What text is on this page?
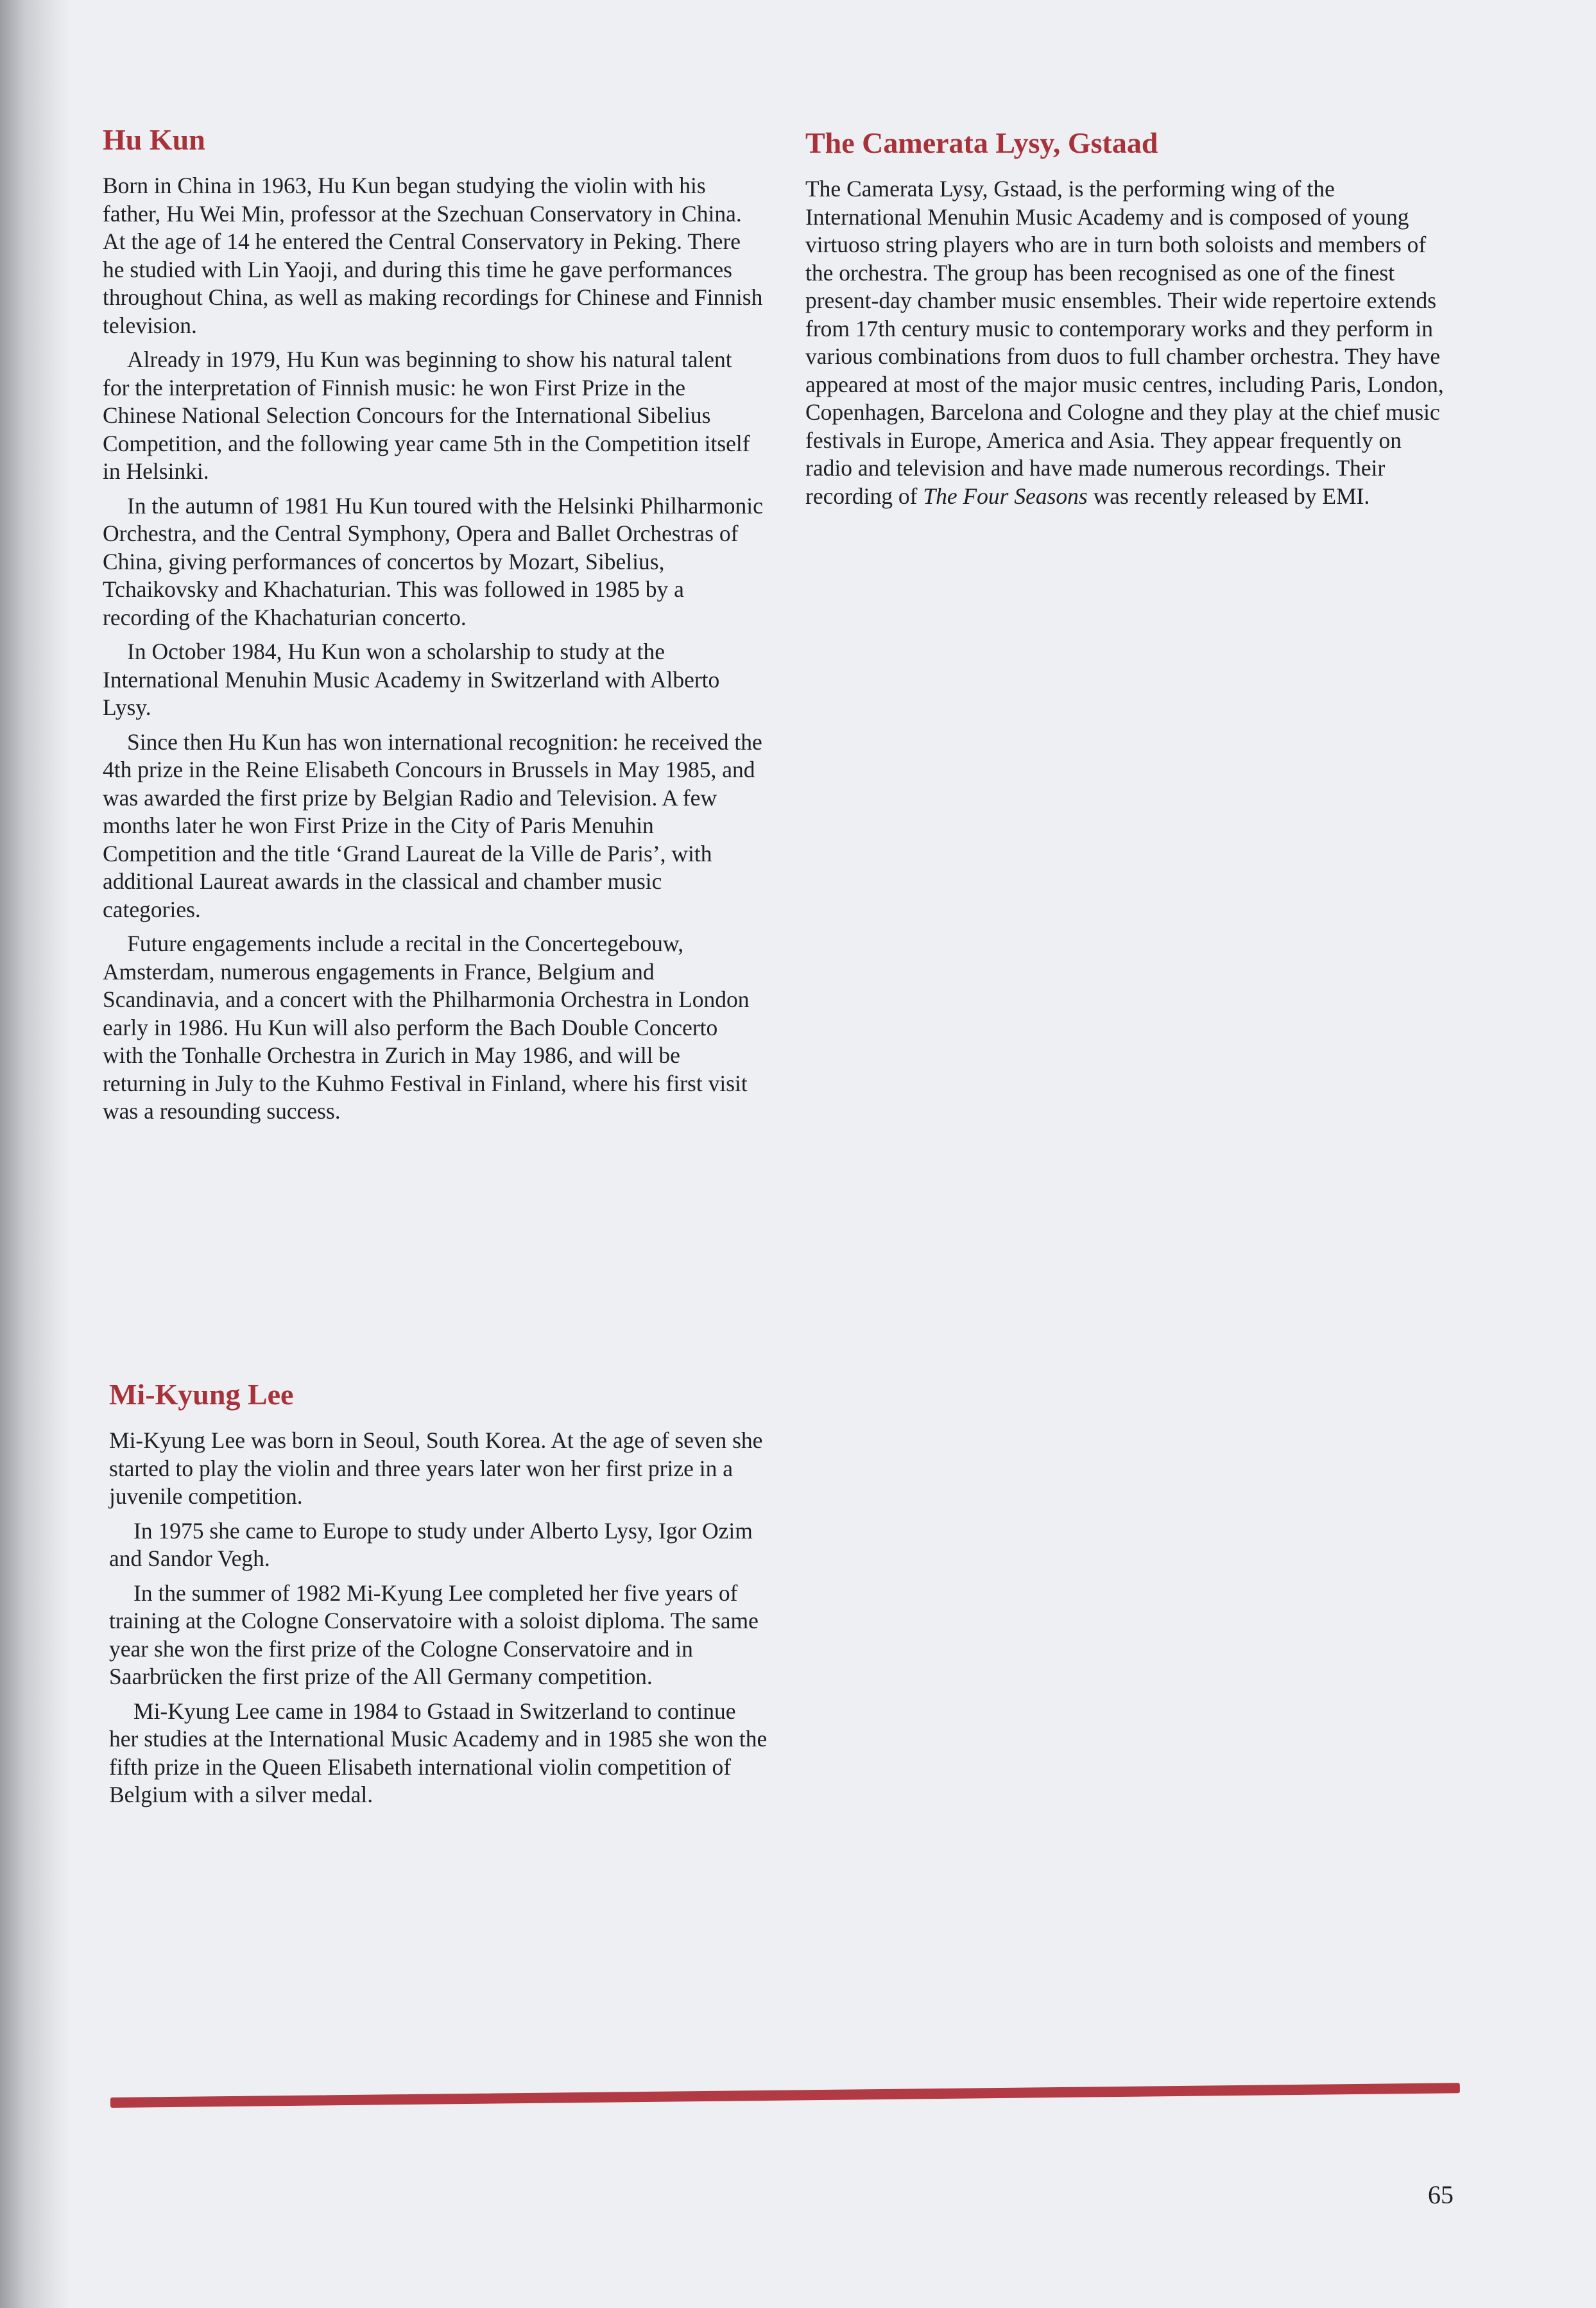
Hu Kun

Born in China in 1963, Hu Kun began studying the violin with his father, Hu Wei Min, professor at the Szechuan Conservatory in China. At the age of 14 he entered the Central Conservatory in Peking. There he studied with Lin Yaoji, and during this time he gave performances throughout China, as well as making recordings for Chinese and Finnish television.

Already in 1979, Hu Kun was beginning to show his natural talent for the interpretation of Finnish music: he won First Prize in the Chinese National Selection Concours for the International Sibelius Competition, and the following year came 5th in the Competition itself in Helsinki.

In the autumn of 1981 Hu Kun toured with the Helsinki Philharmonic Orchestra, and the Central Symphony, Opera and Ballet Orchestras of China, giving performances of concertos by Mozart, Sibelius, Tchaikovsky and Khachaturian. This was followed in 1985 by a recording of the Khachaturian concerto.

In October 1984, Hu Kun won a scholarship to study at the International Menuhin Music Academy in Switzerland with Alberto Lysy.

Since then Hu Kun has won international recognition: he received the 4th prize in the Reine Elisabeth Concours in Brussels in May 1985, and was awarded the first prize by Belgian Radio and Television. A few months later he won First Prize in the City of Paris Menuhin Competition and the title ‘Grand Laureat de la Ville de Paris’, with additional Laureat awards in the classical and chamber music categories.

Future engagements include a recital in the Concertegebouw, Amsterdam, numerous engagements in France, Belgium and Scandinavia, and a concert with the Philharmonia Orchestra in London early in 1986. Hu Kun will also perform the Bach Double Concerto with the Tonhalle Orchestra in Zurich in May 1986, and will be returning in July to the Kuhmo Festival in Finland, where his first visit was a resounding success.

Mi-Kyung Lee

Mi-Kyung Lee was born in Seoul, South Korea. At the age of seven she started to play the violin and three years later won her first prize in a juvenile competition.

In 1975 she came to Europe to study under Alberto Lysy, Igor Ozim and Sandor Vegh.

In the summer of 1982 Mi-Kyung Lee completed her five years of training at the Cologne Conservatoire with a soloist diploma. The same year she won the first prize of the Cologne Conservatoire and in Saarbrücken the first prize of the All Germany competition.

Mi-Kyung Lee came in 1984 to Gstaad in Switzerland to continue her studies at the International Music Academy and in 1985 she won the fifth prize in the Queen Elisabeth international violin competition of Belgium with a silver medal.

The Camerata Lysy, Gstaad

The Camerata Lysy, Gstaad, is the performing wing of the International Menuhin Music Academy and is composed of young virtuoso string players who are in turn both soloists and members of the orchestra. The group has been recognised as one of the finest present-day chamber music ensembles. Their wide repertoire extends from 17th century music to contemporary works and they perform in various combinations from duos to full chamber orchestra. They have appeared at most of the major music centres, including Paris, London, Copenhagen, Barcelona and Cologne and they play at the chief music festivals in Europe, America and Asia. They appear frequently on radio and television and have made numerous recordings. Their recording of The Four Seasons was recently released by EMI.

65
